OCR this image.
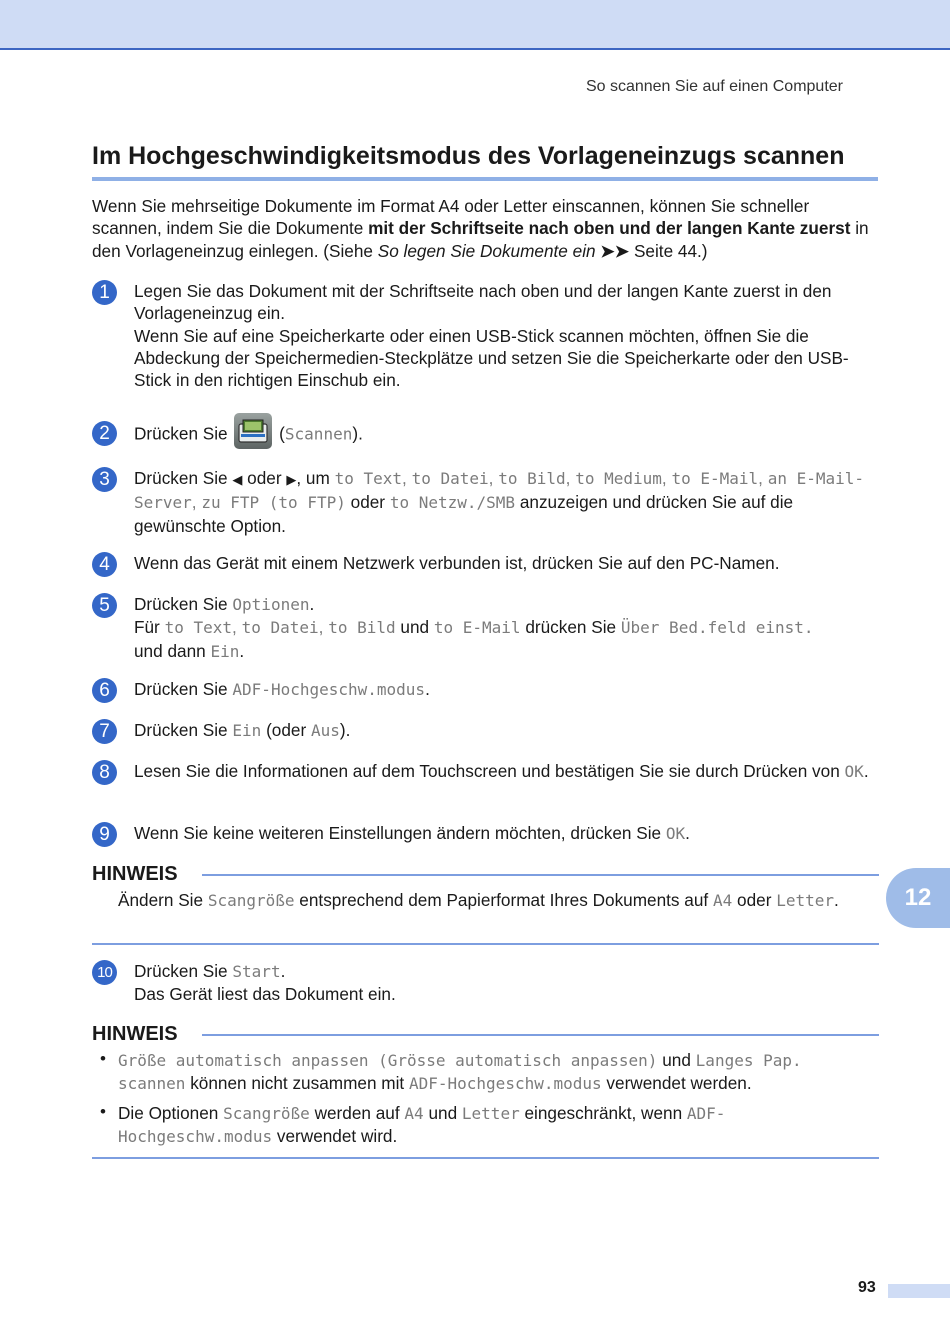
So scannen Sie auf einen Computer
Im Hochgeschwindigkeitsmodus des Vorlageneinzugs scannen

Wenn Sie mehrseitige Dokumente im Format A4 oder Letter einscannen, können Sie schneller scannen, indem Sie die Dokumente mit der Schriftseite nach oben und der langen Kante zuerst in den Vorlageneinzug einlegen. (Siehe So legen Sie Dokumente ein ➤➤ Seite 44.)

1	Legen Sie das Dokument mit der Schriftseite nach oben und der langen Kante zuerst in den Vorlageneinzug ein.
Wenn Sie auf eine Speicherkarte oder einen USB-Stick scannen möchten, öffnen Sie die Abdeckung der Speichermedien-Steckplätze und setzen Sie die Speicherkarte oder den USB-Stick in den richtigen Einschub ein.
2	Drücken Sie
(Scannen).
3	Drücken Sie ◀ oder ▶, um to Text, to Datei, to Bild, to Medium, to E-Mail, an E-Mail-Server, zu FTP (to FTP) oder to Netzw./SMB anzuzeigen und drücken Sie auf die gewünschte Option.
4	Wenn das Gerät mit einem Netzwerk verbunden ist, drücken Sie auf den PC-Namen.
5	Drücken Sie Optionen.
Für to Text, to Datei, to Bild und to E-Mail drücken Sie Über Bed.feld einst.
und dann Ein.
6	Drücken Sie ADF-Hochgeschw.modus.
7	Drücken Sie Ein (oder Aus).
8	Lesen Sie die Informationen auf dem Touchscreen und bestätigen Sie sie durch Drücken von OK.
9	Wenn Sie keine weiteren Einstellungen ändern möchten, drücken Sie OK.
HINWEIS
Ändern Sie Scangröße entsprechend dem Papierformat Ihres Dokuments auf A4 oder Letter.
10 Drücken Sie Start.
Das Gerät liest das Dokument ein.
HINWEIS
• Größe automatisch anpassen (Grösse automatisch anpassen) und Langes Pap. scannen können nicht zusammen mit ADF-Hochgeschw.modus verwendet werden.
• Die Optionen Scangröße werden auf A4 und Letter eingeschränkt, wenn ADF-Hochgeschw.modus verwendet wird.
12
93
